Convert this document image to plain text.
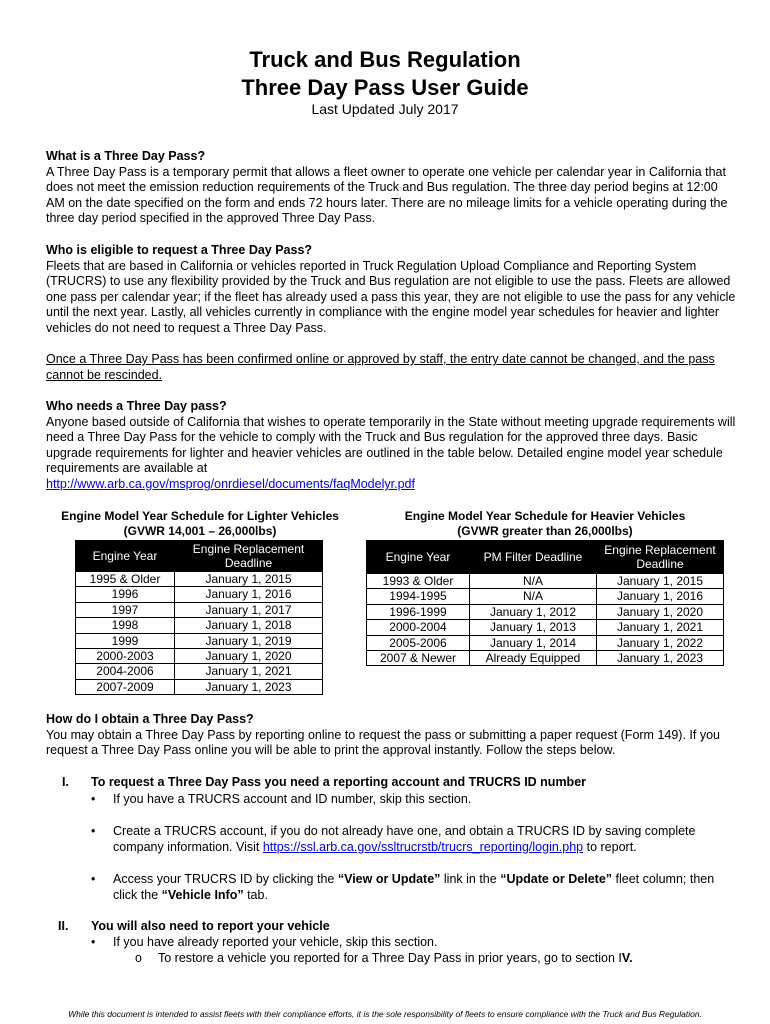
Truck and Bus Regulation
Three Day Pass User Guide
Last Updated July 2017
What is a Three Day Pass?
A Three Day Pass is a temporary permit that allows a fleet owner to operate one vehicle per calendar year in California that does not meet the emission reduction requirements of the Truck and Bus regulation. The three day period begins at 12:00 AM on the date specified on the form and ends 72 hours later. There are no mileage limits for a vehicle operating during the three day period specified in the approved Three Day Pass.
Who is eligible to request a Three Day Pass?
Fleets that are based in California or vehicles reported in Truck Regulation Upload Compliance and Reporting System (TRUCRS) to use any flexibility provided by the Truck and Bus regulation are not eligible to use the pass. Fleets are allowed one pass per calendar year; if the fleet has already used a pass this year, they are not eligible to use the pass for any vehicle until the next year. Lastly, all vehicles currently in compliance with the engine model year schedules for heavier and lighter vehicles do not need to request a Three Day Pass.
Once a Three Day Pass has been confirmed online or approved by staff, the entry date cannot be changed, and the pass cannot be rescinded.
Who needs a Three Day pass?
Anyone based outside of California that wishes to operate temporarily in the State without meeting upgrade requirements will need a Three Day Pass for the vehicle to comply with the Truck and Bus regulation for the approved three days. Basic upgrade requirements for lighter and heavier vehicles are outlined in the table below. Detailed engine model year schedule requirements are available at
http://www.arb.ca.gov/msprog/onrdiesel/documents/faqModelyr.pdf
Engine Model Year Schedule for Lighter Vehicles
(GVWR 14,001 – 26,000lbs)
Engine Year	Engine Replacement Deadline
1995 & Older	January 1, 2015
1996	January 1, 2016
1997	January 1, 2017
1998	January 1, 2018
1999	January 1, 2019
2000-2003	January 1, 2020
2004-2006	January 1, 2021
2007-2009	January 1, 2023
Engine Model Year Schedule for Heavier Vehicles
(GVWR greater than 26,000lbs)
Engine Year	PM Filter Deadline	Engine Replacement Deadline
1993 & Older	N/A	January 1, 2015
1994-1995	N/A	January 1, 2016
1996-1999	January 1, 2012	January 1, 2020
2000-2004	January 1, 2013	January 1, 2021
2005-2006	January 1, 2014	January 1, 2022
2007 & Newer	Already Equipped	January 1, 2023
How do I obtain a Three Day Pass?
You may obtain a Three Day Pass by reporting online to request the pass or submitting a paper request (Form 149). If you request a Three Day Pass online you will be able to print the approval instantly. Follow the steps below.
I. To request a Three Day Pass you need a reporting account and TRUCRS ID number
• If you have a TRUCRS account and ID number, skip this section.
• Create a TRUCRS account, if you do not already have one, and obtain a TRUCRS ID by saving complete company information. Visit https://ssl.arb.ca.gov/ssltrucrstb/trucrs_reporting/login.php to report.
• Access your TRUCRS ID by clicking the “View or Update” link in the “Update or Delete” fleet column; then click the “Vehicle Info” tab.
II. You will also need to report your vehicle
• If you have already reported your vehicle, skip this section.
o To restore a vehicle you reported for a Three Day Pass in prior years, go to section IV.
While this document is intended to assist fleets with their compliance efforts, it is the sole responsibility of fleets to ensure compliance with the Truck and Bus Regulation.
